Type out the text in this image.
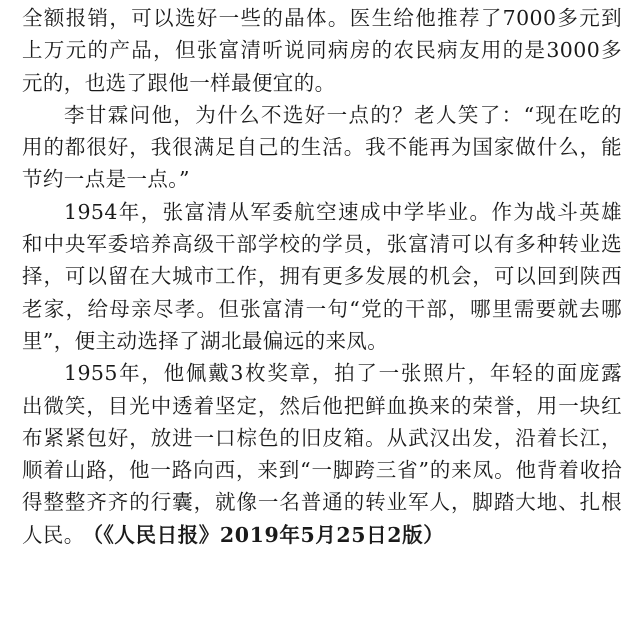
全额报销，可以选好一些的晶体。医生给他推荐了7000多元到
上万元的产品，但张富清听说同病房的农民病友用的是3000多
元的，也选了跟他一样最便宜的。
李甘霖问他，为什么不选好一点的？老人笑了：“现在吃的
用的都很好，我很满足自己的生活。我不能再为国家做什么，能
节约一点是一点。”
1954年，张富清从军委航空速成中学毕业。作为战斗英雄
和中央军委培养高级干部学校的学员，张富清可以有多种转业选
择，可以留在大城市工作，拥有更多发展的机会，可以回到陕西
老家，给母亲尽孝。但张富清一句“党的干部，哪里需要就去哪
里”，便主动选择了湖北最偏远的来凤。
1955年，他佩戴3枚奖章，拍了一张照片，年轻的面庞露
出微笑，目光中透着坚定，然后他把鲜血换来的荣誉，用一块红
布紧紧包好，放进一口棕色的旧皮箱。从武汉出发，沿着长江，
顺着山路，他一路向西，来到“一脚跨三省”的来凤。他背着收拾
得整整齐齐的行囊，就像一名普通的转业军人，脚踏大地、扎根
人民。 （《人民日报》2019年5月25日2版）
